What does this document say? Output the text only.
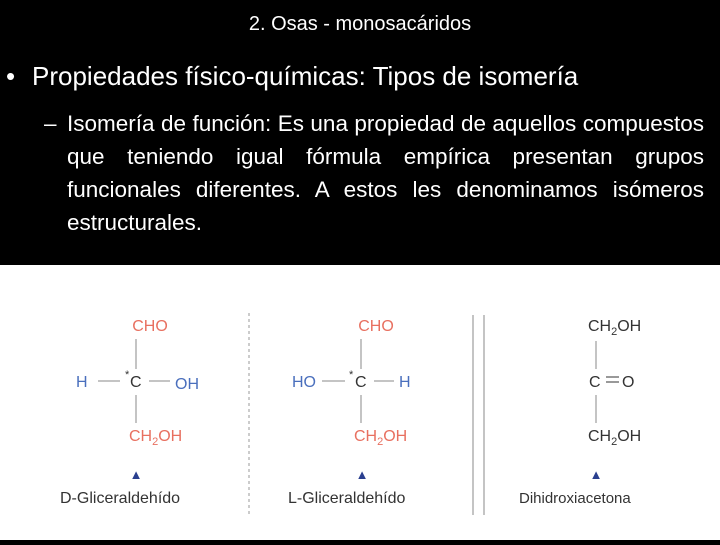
2. Osas - monosacáridos
• Propiedades físico-químicas: Tipos de isomería
– Isomería de función: Es una propiedad de aquellos compuestos que teniendo igual fórmula empírica presentan grupos funcionales diferentes. A estos les denominamos isómeros estructurales.
CHO
H	* C OH
$CH_2OH$
▲
D-Gliceraldehído
CHO
HO	* C H
$CH_2OH$
▲
L-Gliceraldehído
$CH_2OH$
C O
$CH_2OH$
▲
Dihidroxiacetona
